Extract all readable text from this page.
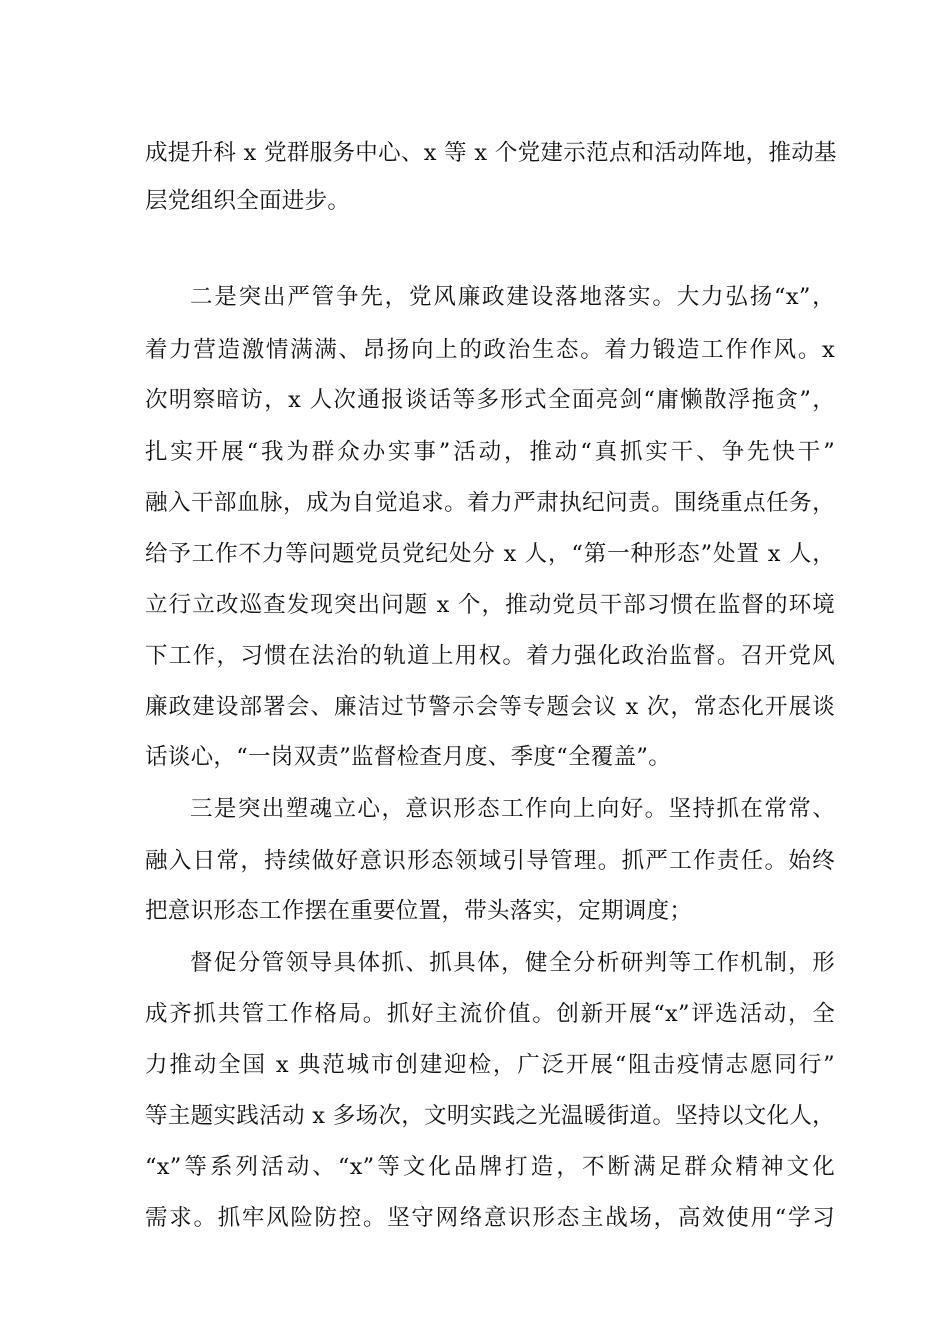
成提升科 x 党群服务中心、x 等 x 个党建示范点和活动阵地，推动基

层党组织全面进步。

二是突出严管争先，党风廉政建设落地落实。大力弘扬“x”，

着力营造激情满满、昂扬向上的政治生态。着力锻造工作作风。x

次明察暗访，x 人次通报谈话等多形式全面亮剑“庸懒散浮拖贪”，

扎实开展“我为群众办实事”活动，推动“真抓实干、争先快干”

融入干部血脉，成为自觉追求。着力严肃执纪问责。围绕重点任务，

给予工作不力等问题党员党纪处分 x 人，“第一种形态”处置 x 人，

立行立改巡查发现突出问题 x 个，推动党员干部习惯在监督的环境

下工作，习惯在法治的轨道上用权。着力强化政治监督。召开党风

廉政建设部署会、廉洁过节警示会等专题会议 x 次，常态化开展谈

话谈心，“一岗双责”监督检查月度、季度“全覆盖”。

三是突出塑魂立心，意识形态工作向上向好。坚持抓在常常、

融入日常，持续做好意识形态领域引导管理。抓严工作责任。始终

把意识形态工作摆在重要位置，带头落实，定期调度；

督促分管领导具体抓、抓具体，健全分析研判等工作机制，形

成齐抓共管工作格局。抓好主流价值。创新开展“x”评选活动，全

力推动全国 x 典范城市创建迎检，广泛开展“阻击疫情志愿同行”

等主题实践活动 x 多场次，文明实践之光温暖街道。坚持以文化人，

“x”等系列活动、“x”等文化品牌打造，不断满足群众精神文化

需求。抓牢风险防控。坚守网络意识形态主战场，高效使用“学习
